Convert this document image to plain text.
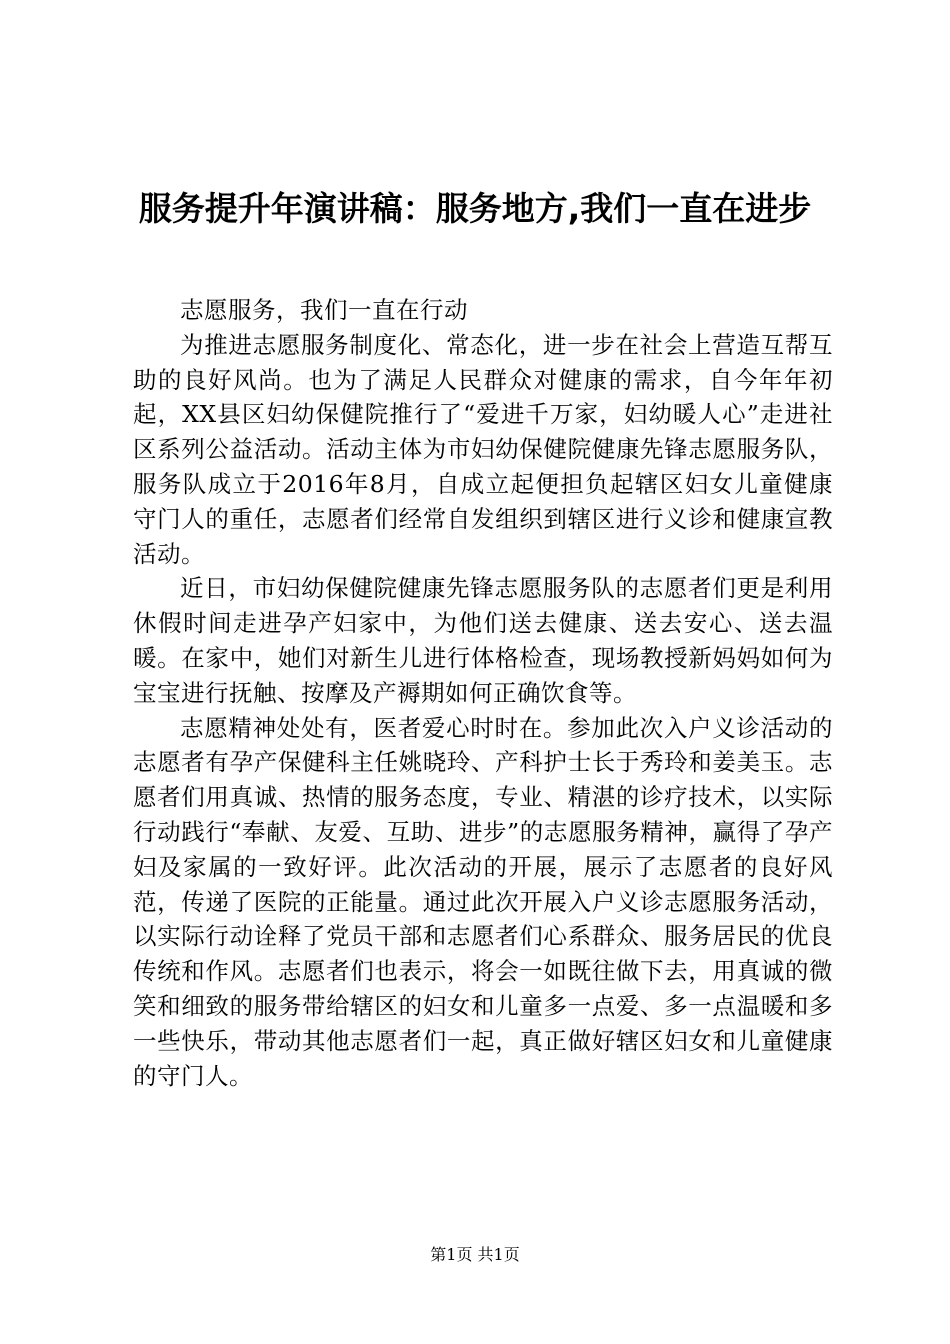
服务提升年演讲稿：服务地方,我们一直在进步

志愿服务，我们一直在行动

为推进志愿服务制度化、常态化，进一步在社会上营造互帮互助的良好风尚。也为了满足人民群众对健康的需求，自今年年初起，XX县区妇幼保健院推行了“爱进千万家，妇幼暖人心”走进社区系列公益活动。活动主体为市妇幼保健院健康先锋志愿服务队，服务队成立于2016年8月，自成立起便担负起辖区妇女儿童健康守门人的重任，志愿者们经常自发组织到辖区进行义诊和健康宣教活动。

近日，市妇幼保健院健康先锋志愿服务队的志愿者们更是利用休假时间走进孕产妇家中，为他们送去健康、送去安心、送去温暖。在家中，她们对新生儿进行体格检查，现场教授新妈妈如何为宝宝进行抚触、按摩及产褥期如何正确饮食等。

志愿精神处处有，医者爱心时时在。参加此次入户义诊活动的志愿者有孕产保健科主任姚晓玲、产科护士长于秀玲和姜美玉。志愿者们用真诚、热情的服务态度，专业、精湛的诊疗技术，以实际行动践行“奉献、友爱、互助、进步”的志愿服务精神，赢得了孕产妇及家属的一致好评。此次活动的开展，展示了志愿者的良好风范，传递了医院的正能量。通过此次开展入户义诊志愿服务活动，以实际行动诠释了党员干部和志愿者们心系群众、服务居民的优良传统和作风。志愿者们也表示，将会一如既往做下去，用真诚的微笑和细致的服务带给辖区的妇女和儿童多一点爱、多一点温暖和多一些快乐，带动其他志愿者们一起，真正做好辖区妇女和儿童健康的守门人。

第1页 共1页
